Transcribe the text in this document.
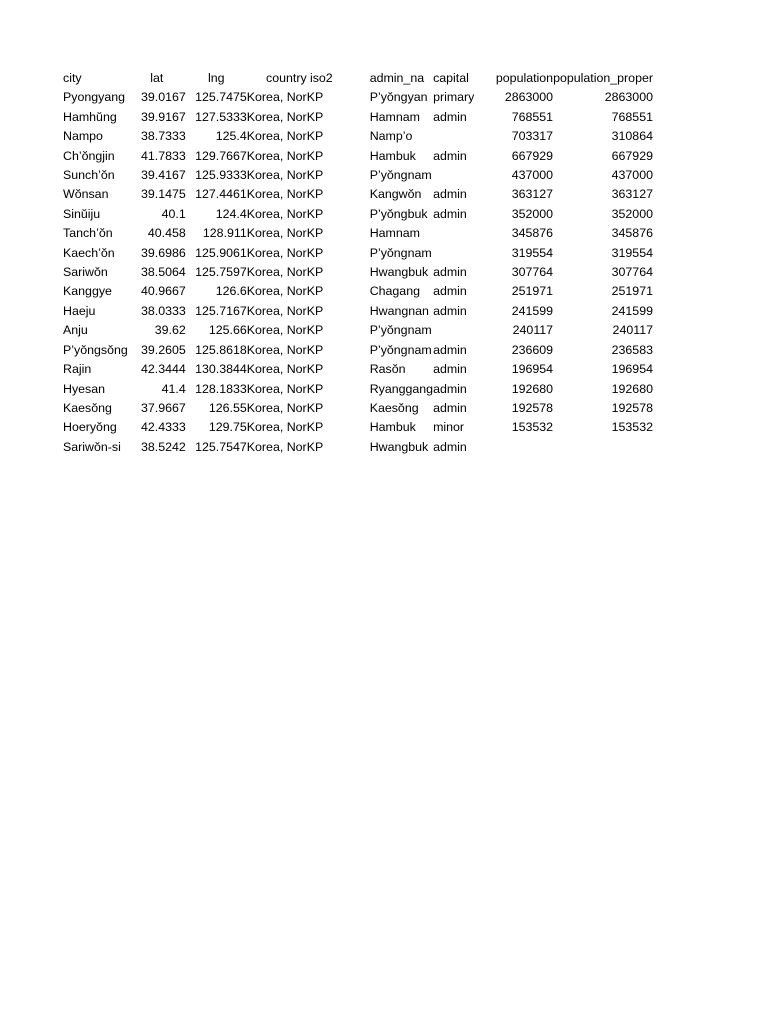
city	lat	lng	country	iso2		admin_na	capital	population	population_proper
Pyongyang	39.0167	125.7475	Korea, Nor	KP		P’yŏngyan	primary	2863000	2863000
Hamhŭng	39.9167	127.5333	Korea, Nor	KP		Hamnam	admin	768551	768551
Nampo	38.7333	125.4	Korea, Nor	KP		Namp’o		703317	310864
Ch’ŏngjin	41.7833	129.7667	Korea, Nor	KP		Hambuk	admin	667929	667929
Sunch’ŏn	39.4167	125.9333	Korea, Nor	KP		P’yŏngnam		437000	437000
Wŏnsan	39.1475	127.4461	Korea, Nor	KP		Kangwŏn	admin	363127	363127
Sinŭiju	40.1	124.4	Korea, Nor	KP		P’yŏngbuk	admin	352000	352000
Tanch’ŏn	40.458	128.911	Korea, Nor	KP		Hamnam		345876	345876
Kaech’ŏn	39.6986	125.9061	Korea, Nor	KP		P’yŏngnam		319554	319554
Sariwŏn	38.5064	125.7597	Korea, Nor	KP		Hwangbuk	admin	307764	307764
Kanggye	40.9667	126.6	Korea, Nor	KP		Chagang	admin	251971	251971
Haeju	38.0333	125.7167	Korea, Nor	KP		Hwangnan	admin	241599	241599
Anju	39.62	125.66	Korea, Nor	KP		P’yŏngnam		240117	240117
P’yŏngsŏng	39.2605	125.8618	Korea, Nor	KP		P’yŏngnam	admin	236609	236583
Rajin	42.3444	130.3844	Korea, Nor	KP		Rasŏn	admin	196954	196954
Hyesan	41.4	128.1833	Korea, Nor	KP		Ryanggang	admin	192680	192680
Kaesŏng	37.9667	126.55	Korea, Nor	KP		Kaesŏng	admin	192578	192578
Hoeryŏng	42.4333	129.75	Korea, Nor	KP		Hambuk	minor	153532	153532
Sariwŏn-si	38.5242	125.7547	Korea, Nor	KP		Hwangbuk	admin		
